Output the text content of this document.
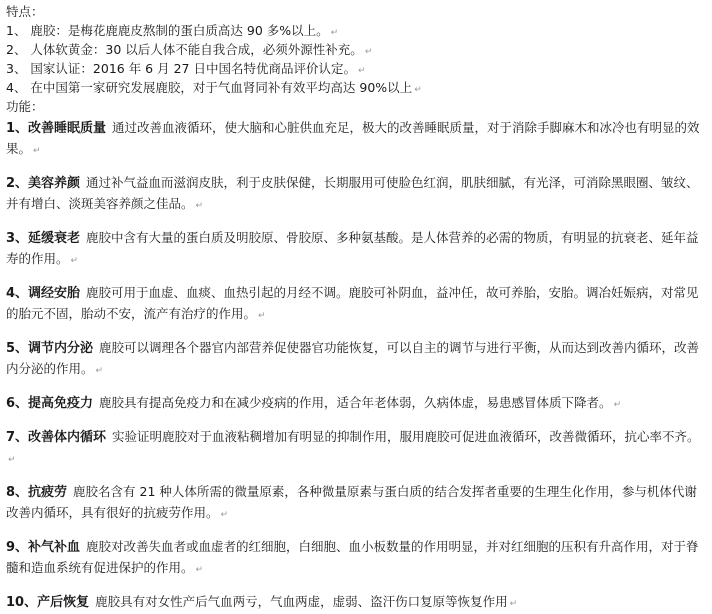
特点：
1、 鹿胶：是梅花鹿鹿皮熬制的蛋白质高达 90 多%以上。 ↵
2、 人体软黄金：30 以后人体不能自我合成，必须外源性补充。 ↵
3、 国家认证：2016 年 6 月 27 日中国名特优商品评价认定。 ↵
4、 在中国第一家研究发展鹿胶，对于气血肾同补有效平均高达 90%以上 ↵
功能：
1、改善睡眠质量 通过改善血液循环，使大脑和心脏供血充足，极大的改善睡眠质量，对于消除手脚麻木和冰冷也有明显的效果。 ↵
2、美容养颜 通过补气益血而滋润皮肤，利于皮肤保健，长期服用可使脸色红润，肌肤细腻，有光泽，可消除黑眼圈、皱纹、并有增白、淡斑美容养颜之佳品。 ↵
3、延缓衰老 鹿胶中含有大量的蛋白质及明胶原、骨胶原、多种氨基酸。是人体营养的必需的物质，有明显的抗衰老、延年益寿的作用。 ↵
4、调经安胎 鹿胶可用于血虚、血痰、血热引起的月经不调。鹿胶可补阴血，益冲任，故可养胎，安胎。调冶妊娠病，对常见的胎元不固，胎动不安，流产有治疗的作用。 ↵
5、调节内分泌 鹿胶可以调理各个器官内部营养促使器官功能恢复，可以自主的调节与进行平衡，从而达到改善内循环，改善内分泌的作用。 ↵
6、提高免疫力 鹿胶具有提高免疫力和在减少疫病的作用，适合年老体弱，久病体虚，易患感冒体质下降者。 ↵
7、改善体内循环 实验证明鹿胶对于血液粘稠增加有明显的抑制作用，服用鹿胶可促进血液循环，改善微循环，抗心率不齐。↵
8、抗疲劳 鹿胶名含有 21 种人体所需的微量原素，各种微量原素与蛋白质的结合发挥者重要的生理生化作用，参与机体代谢改善内循环，具有很好的抗疲劳作用。 ↵
9、补气补血 鹿胶对改善失血者或血虚者的红细胞，白细胞、血小板数量的作用明显，并对红细胞的压积有升高作用，对于脊髓和造血系统有促进保护的作用。 ↵
10、产后恢复 鹿胶具有对女性产后气血两亏，气血两虚，虚弱、盗汗伤口复原等恢复作用 ↵
